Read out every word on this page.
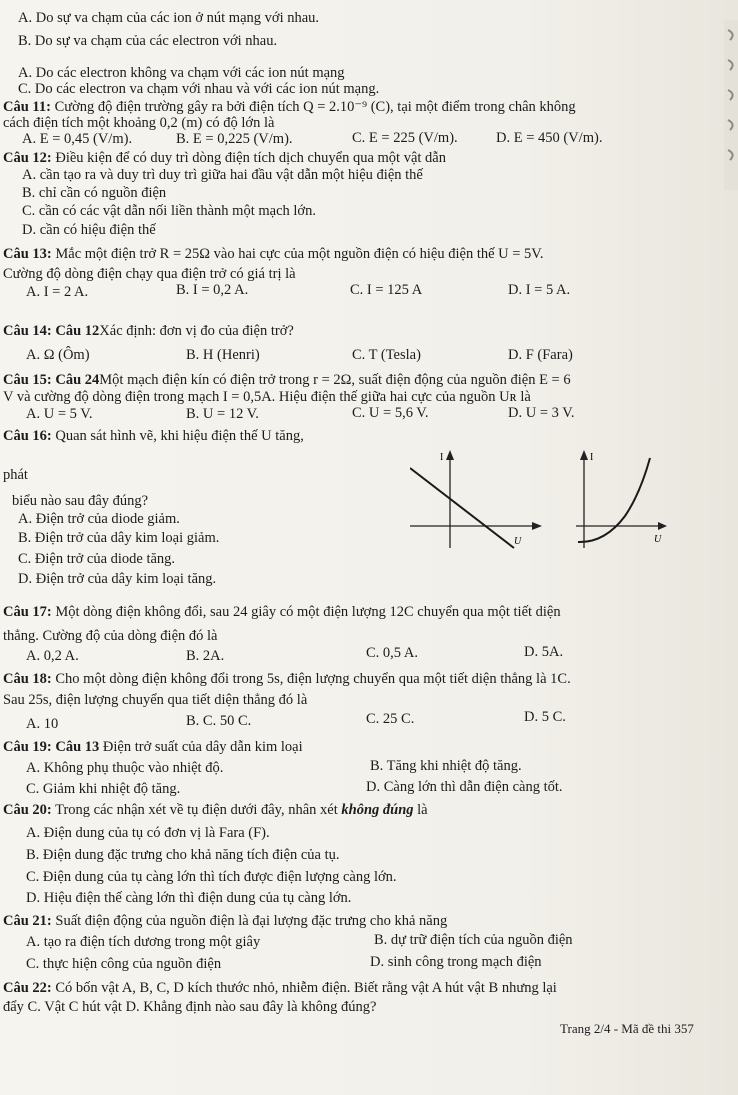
A. Do sự va chạm của các ion ở nút mạng với nhau.
B. Do sự va chạm của các electron với nhau.
A. Do các electron không va chạm với các ion nút mạng
C. Do các electron va chạm với nhau và với các ion nút mạng.
Câu 11: Cường độ điện trường gây ra bởi điện tích Q = 2.10⁻⁹ (C), tại một điểm trong chân không
cách điện tích một khoảng 0,2 (m) có độ lớn là
A. E = 0,45 (V/m).	B. E = 0,225 (V/m).	C. E = 225 (V/m).	D. E = 450 (V/m).
Câu 12: Điều kiện để có duy trì dòng điện tích dịch chuyển qua một vật dẫn
A. cần tạo ra và duy trì duy trì giữa hai đầu vật dẫn một hiệu điện thế
B. chỉ cần có nguồn điện
C. cần có các vật dẫn nối liền thành một mạch lớn.
D. cần có hiệu điện thế
Câu 13: Mắc một điện trở R = 25Ω vào hai cực của một nguồn điện có hiệu điện thế U = 5V.
Cường độ dòng điện chạy qua điện trở có giá trị là
A. I = 2 A.	B. I = 0,2 A.	C. I = 125 A	D. I = 5 A.
Câu 14: Câu 12Xác định: đơn vị đo của điện trở?
A. Ω (Ôm)	B. H (Henri)	C. T (Tesla)	D. F (Fara)
Câu 15: Câu 24Một mạch điện kín có điện trở trong r = 2Ω, suất điện động của nguồn điện E = 6
V và cường độ dòng điện trong mạch I = 0,5A. Hiệu điện thế giữa hai cực của nguồn Uʀ là
A. U = 5 V.	B. U = 12 V.	C. U = 5,6 V.	D. U = 3 V.
Câu 16: Quan sát hình vẽ, khi hiệu điện thế U tăng,
phát
biểu nào sau đây đúng?
A. Điện trở của diode giảm.
B. Điện trở của dây kim loại giảm.
C. Điện trở của diode tăng.
D. Điện trở của dây kim loại tăng.
I
U
I
U
Câu 17: Một dòng điện không đổi, sau 24 giây có một điện lượng 12C chuyển qua một tiết diện
thẳng. Cường độ của dòng điện đó là
A. 0,2 A.	B. 2A.	C. 0,5 A.	D. 5A.
Câu 18: Cho một dòng điện không đổi trong 5s, điện lượng chuyển qua một tiết diện thẳng là 1C.
Sau 25s, điện lượng chuyển qua tiết diện thẳng đó là
A. 10	B. C. 50 C.	C. 25 C.	D. 5 C.
Câu 19: Câu 13 Điện trở suất của dây dẫn kim loại
A. Không phụ thuộc vào nhiệt độ.	B. Tăng khi nhiệt độ tăng.
C. Giảm khi nhiệt độ tăng.	D. Càng lớn thì dẫn điện càng tốt.
Câu 20: Trong các nhận xét về tụ điện dưới đây, nhân xét không đúng là
A. Điện dung của tụ có đơn vị là Fara (F).
B. Điện dung đặc trưng cho khả năng tích điện của tụ.
C. Điện dung của tụ càng lớn thì tích được điện lượng càng lớn.
D. Hiệu điện thế càng lớn thì điện dung của tụ càng lớn.
Câu 21: Suất điện động của nguồn điện là đại lượng đặc trưng cho khả năng
A. tạo ra điện tích dương trong một giây	B. dự trữ điện tích của nguồn điện
C. thực hiện công của nguồn điện	D. sinh công trong mạch điện
Câu 22: Có bốn vật A, B, C, D kích thước nhỏ, nhiễm điện. Biết rằng vật A hút vật B nhưng lại
đẩy C. Vật C hút vật D. Khẳng định nào sau đây là không đúng?
Trang 2/4 - Mã đề thi 357
